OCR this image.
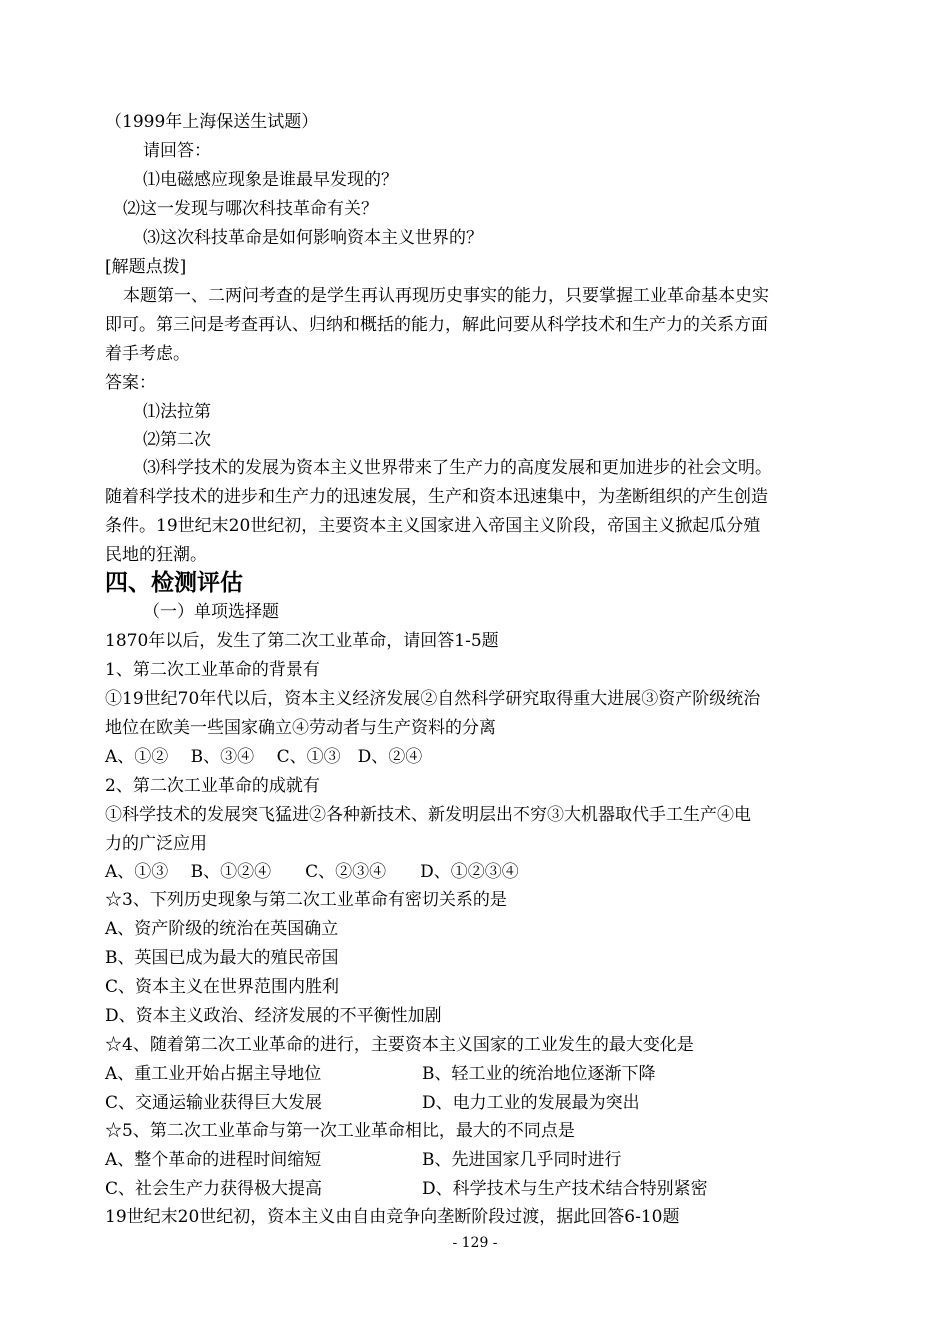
（1999年上海保送生试题）
请回答：
⑴电磁感应现象是谁最早发现的？
⑵这一发现与哪次科技革命有关？
⑶这次科技革命是如何影响资本主义世界的？
[解题点拨]
本题第一、二两问考查的是学生再认再现历史事实的能力，只要掌握工业革命基本史实
即可。第三问是考查再认、归纳和概括的能力，解此问要从科学技术和生产力的关系方面
着手考虑。
答案：
⑴法拉第
⑵第二次
⑶科学技术的发展为资本主义世界带来了生产力的高度发展和更加进步的社会文明。
随着科学技术的进步和生产力的迅速发展，生产和资本迅速集中，为垄断组织的产生创造
条件。19世纪末20世纪初，主要资本主义国家进入帝国主义阶段，帝国主义掀起瓜分殖
民地的狂潮。
四、检测评估
（一）单项选择题
1870年以后，发生了第二次工业革命，请回答1-5题
1、第二次工业革命的背景有
①19世纪70年代以后，资本主义经济发展②自然科学研究取得重大进展③资产阶级统治
地位在欧美一些国家确立④劳动者与生产资料的分离
A、①②　 B、③④ 　C、①③　D、②④
2、第二次工业革命的成就有
①科学技术的发展突飞猛进②各种新技术、新发明层出不穷③大机器取代手工生产④电
力的广泛应用
A、①③　 B、①②④　　C、②③④　　D、①②③④
☆3、下列历史现象与第二次工业革命有密切关系的是
A、资产阶级的统治在英国确立
B、英国已成为最大的殖民帝国
C、资本主义在世界范围内胜利
D、资本主义政治、经济发展的不平衡性加剧
☆4、随着第二次工业革命的进行，主要资本主义国家的工业发生的最大变化是
A、重工业开始占据主导地位	B、轻工业的统治地位逐渐下降
C、交通运输业获得巨大发展	D、电力工业的发展最为突出
☆5、第二次工业革命与第一次工业革命相比，最大的不同点是
A、整个革命的进程时间缩短	B、先进国家几乎同时进行
C、社会生产力获得极大提高	D、科学技术与生产技术结合特别紧密
19世纪末20世纪初，资本主义由自由竞争向垄断阶段过渡，据此回答6-10题
- 129 -
